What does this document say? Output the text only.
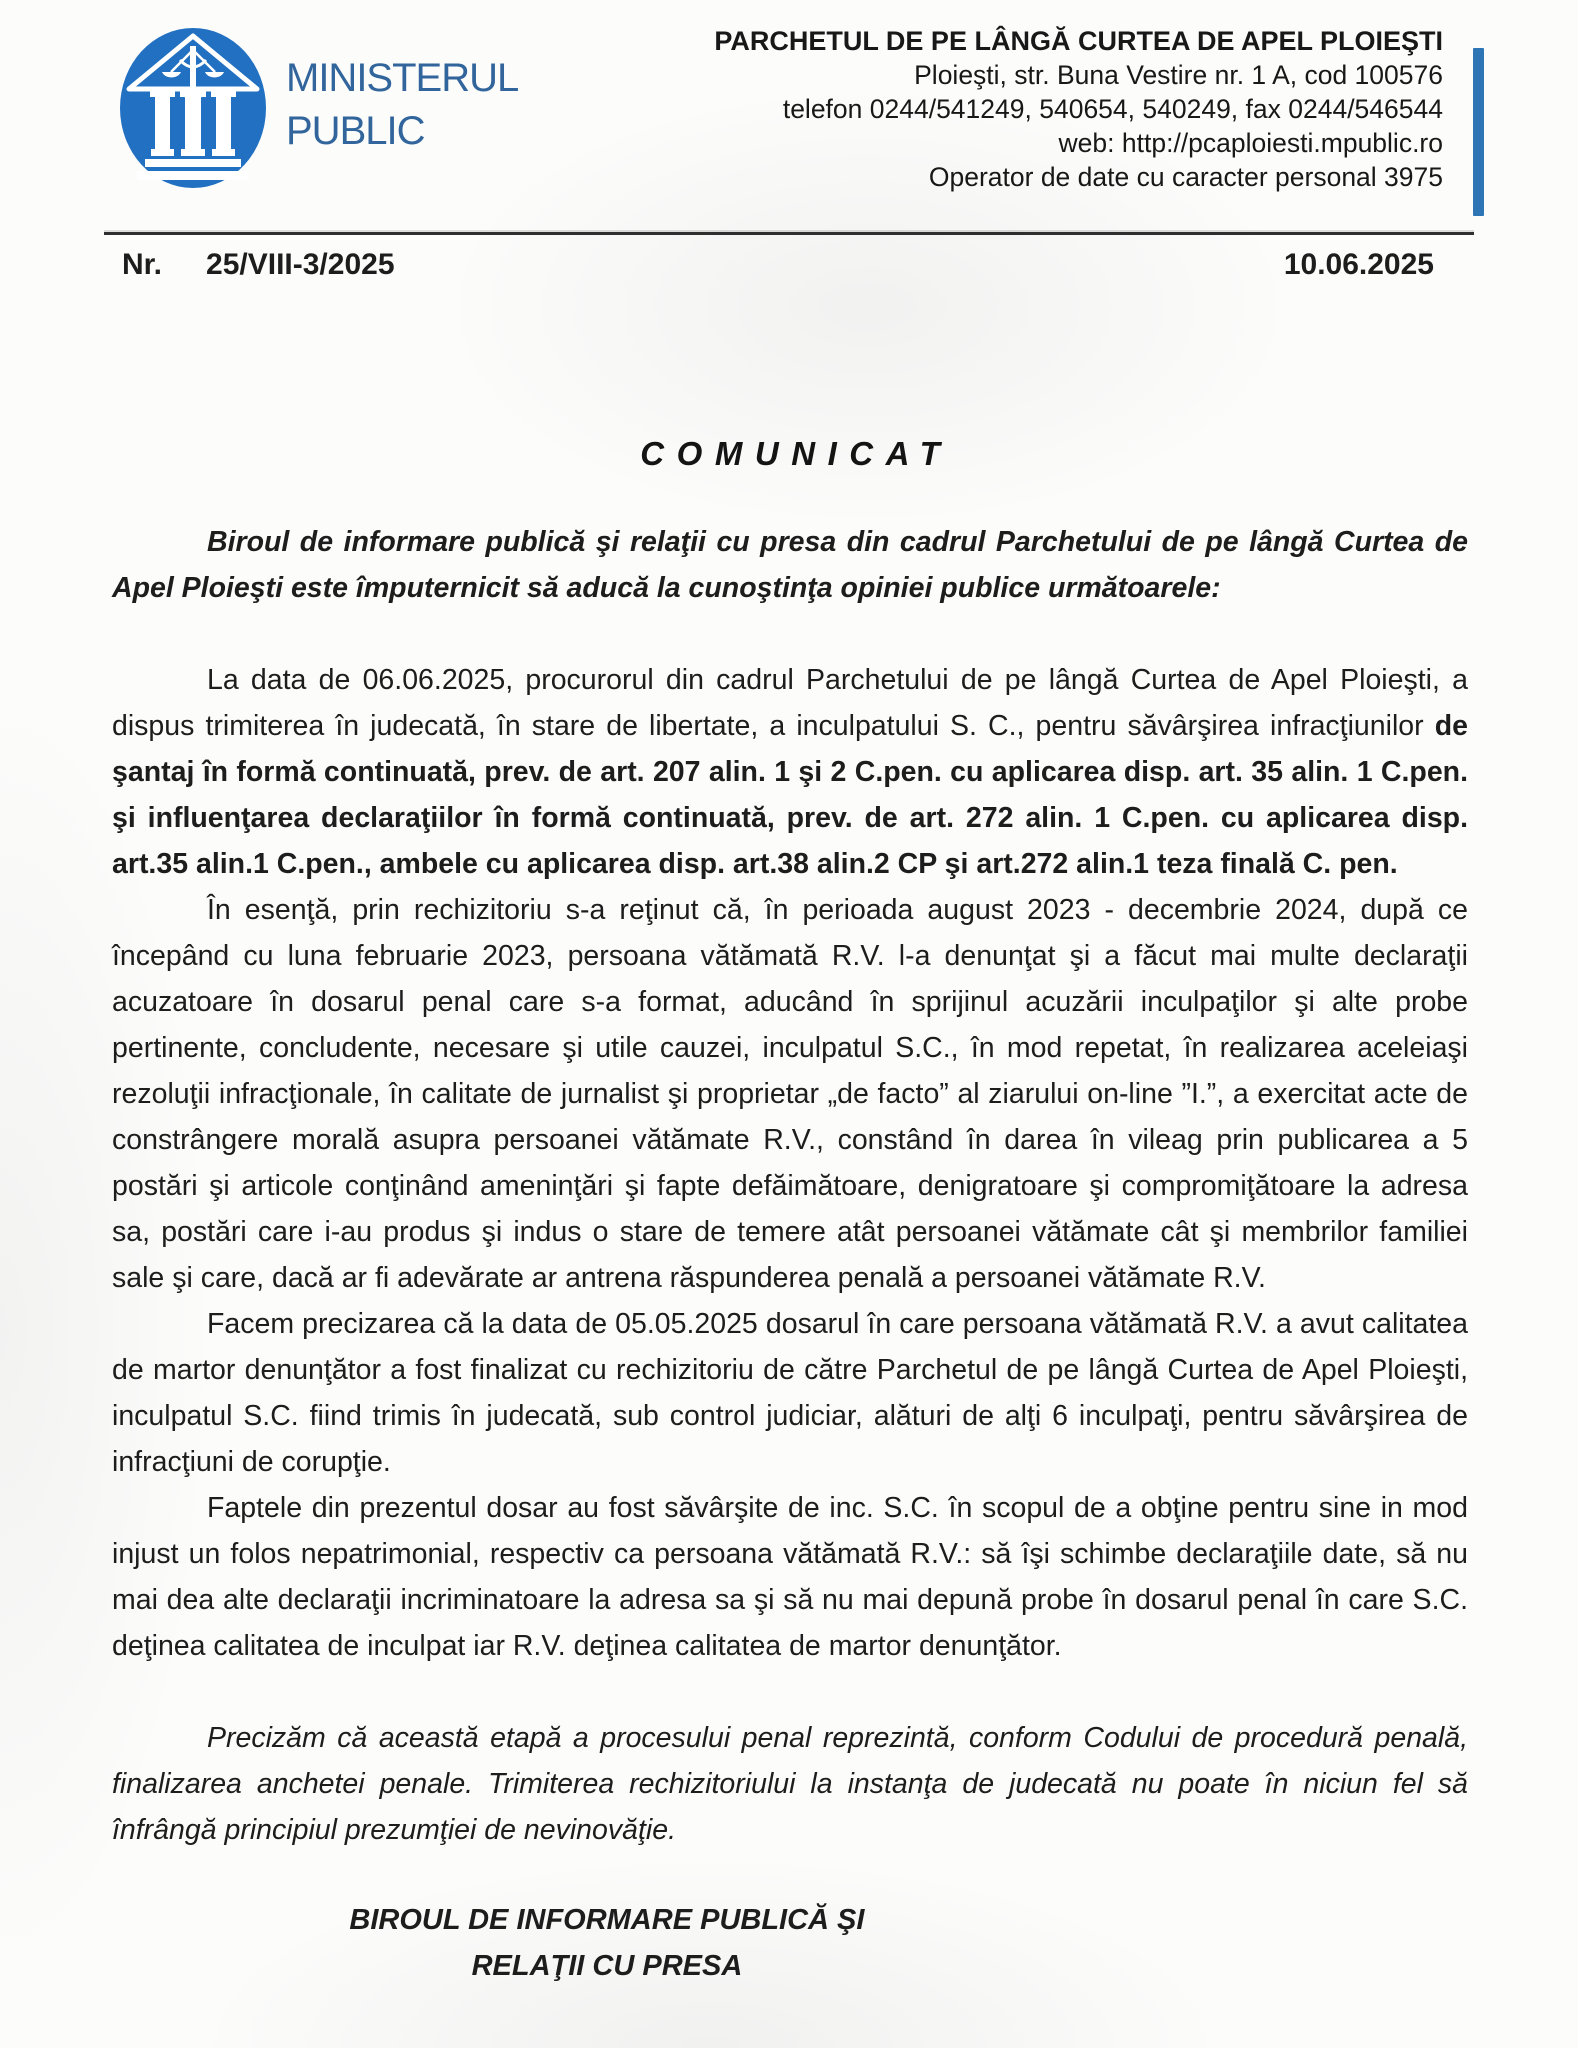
MINISTERUL
PUBLIC
PARCHETUL DE PE LÂNGĂ CURTEA DE APEL PLOIEŞTI
Ploieşti, str. Buna Vestire nr. 1 A, cod 100576
telefon 0244/541249, 540654, 540249, fax 0244/546544
web: http://pcaploiesti.mpublic.ro
Operator de date cu caracter personal 3975
Nr. 25/VIII-3/2025	10.06.2025
COMUNICAT

Biroul de informare publică şi relaţii cu presa din cadrul Parchetului de pe lângă Curtea de Apel Ploieşti este împuternicit să aducă la cunoştinţa opiniei publice următoarele:

La data de 06.06.2025, procurorul din cadrul Parchetului de pe lângă Curtea de Apel Ploieşti, a dispus trimiterea în judecată, în stare de libertate, a inculpatului S. C., pentru săvârşirea infracţiunilor de şantaj în formă continuată, prev. de art. 207 alin. 1 şi 2 C.pen. cu aplicarea disp. art. 35 alin. 1 C.pen. şi influenţarea declaraţiilor în formă continuată, prev. de art. 272 alin. 1 C.pen. cu aplicarea disp. art.35 alin.1 C.pen., ambele cu aplicarea disp. art.38 alin.2 CP şi art.272 alin.1 teza finală C. pen.

În esenţă, prin rechizitoriu s-a reţinut că, în perioada august 2023 - decembrie 2024, după ce începând cu luna februarie 2023, persoana vătămată R.V. l-a denunţat şi a făcut mai multe declaraţii acuzatoare în dosarul penal care s-a format, aducând în sprijinul acuzării inculpaţilor şi alte probe pertinente, concludente, necesare şi utile cauzei, inculpatul S.C., în mod repetat, în realizarea aceleiaşi rezoluţii infracţionale, în calitate de jurnalist şi proprietar „de facto” al ziarului on-line ”I.”, a exercitat acte de constrângere morală asupra persoanei vătămate R.V., constând în darea în vileag prin publicarea a 5 postări şi articole conţinând ameninţări şi fapte defăimătoare, denigratoare şi compromiţătoare la adresa sa, postări care i-au produs şi indus o stare de temere atât persoanei vătămate cât şi membrilor familiei sale şi care, dacă ar fi adevărate ar antrena răspunderea penală a persoanei vătămate R.V.

Facem precizarea că la data de 05.05.2025 dosarul în care persoana vătămată R.V. a avut calitatea de martor denunţător a fost finalizat cu rechizitoriu de către Parchetul de pe lângă Curtea de Apel Ploieşti, inculpatul S.C. fiind trimis în judecată, sub control judiciar, alături de alţi 6 inculpaţi, pentru săvârşirea de infracţiuni de corupţie.

Faptele din prezentul dosar au fost săvârşite de inc. S.C. în scopul de a obţine pentru sine in mod injust un folos nepatrimonial, respectiv ca persoana vătămată R.V.: să îşi schimbe declaraţiile date, să nu mai dea alte declaraţii incriminatoare la adresa sa şi să nu mai depună probe în dosarul penal în care S.C. deţinea calitatea de inculpat iar R.V. deţinea calitatea de martor denunţător.

Precizăm că această etapă a procesului penal reprezintă, conform Codului de procedură penală, finalizarea anchetei penale. Trimiterea rechizitoriului la instanţa de judecată nu poate în niciun fel să înfrângă principiul prezumţiei de nevinovăţie.

BIROUL DE INFORMARE PUBLICĂ ŞI
RELAŢII CU PRESA
